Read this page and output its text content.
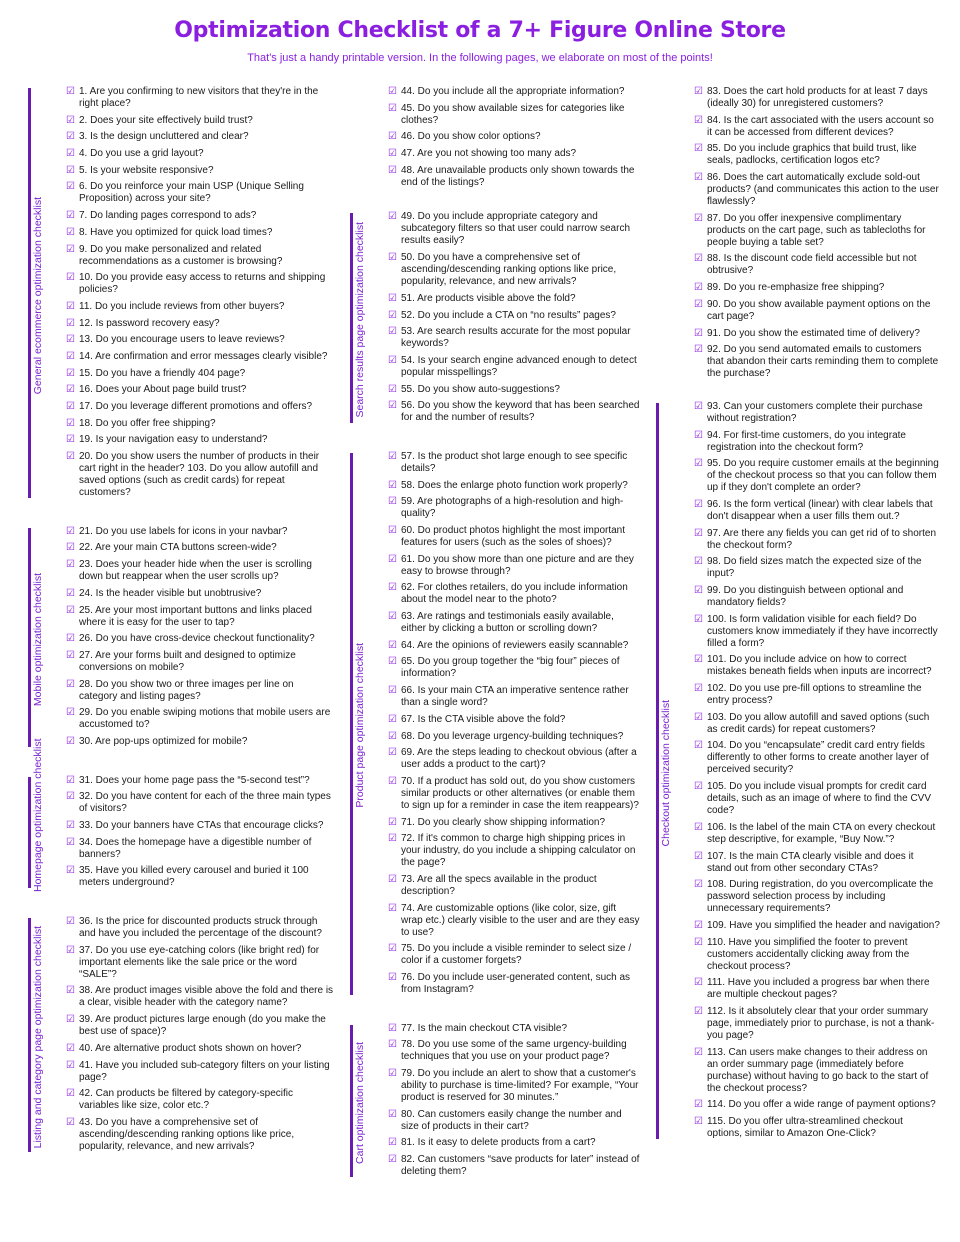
Optimization Checklist of a 7+ Figure Online Store
That's just a handy printable version. In the following pages, we elaborate on most of the points!
General ecommerce optimization checklist
☑ 1. Are you confirming to new visitors that they're in the right place?
☑ 2. Does your site effectively build trust?
☑ 3. Is the design uncluttered and clear?
☑ 4. Do you use a grid layout?
☑ 5. Is your website responsive?
☑ 6. Do you reinforce your main USP (Unique Selling Proposition) across your site?
☑ 7. Do landing pages correspond to ads?
☑ 8. Have you optimized for quick load times?
☑ 9. Do you make personalized and related recommendations as a customer is browsing?
☑ 10. Do you provide easy access to returns and shipping policies?
☑ 11. Do you include reviews from other buyers?
☑ 12. Is password recovery easy?
☑ 13. Do you encourage users to leave reviews?
☑ 14. Are confirmation and error messages clearly visible?
☑ 15. Do you have a friendly 404 page?
☑ 16. Does your About page build trust?
☑ 17. Do you leverage different promotions and offers?
☑ 18. Do you offer free shipping?
☑ 19. Is your navigation easy to understand?
☑ 20. Do you show users the number of products in their cart right in the header? 103. Do you allow autofill and saved options (such as credit cards) for repeat customers?
Mobile optimization checklist
☑ 21. Do you use labels for icons in your navbar?
☑ 22. Are your main CTA buttons screen-wide?
☑ 23. Does your header hide when the user is scrolling down but reappear when the user scrolls up?
☑ 24. Is the header visible but unobtrusive?
☑ 25. Are your most important buttons and links placed where it is easy for the user to tap?
☑ 26. Do you have cross-device checkout functionality?
☑ 27. Are your forms built and designed to optimize conversions on mobile?
☑ 28. Do you show two or three images per line on category and listing pages?
☑ 29. Do you enable swiping motions that mobile users are accustomed to?
☑ 30. Are pop-ups optimized for mobile?
Homepage optimization checklist ☑ 31. Does your home page pass the “5-second test”?
☑ 32. Do you have content for each of the three main types of visitors?
☑ 33. Do your banners have CTAs that encourage clicks?
☑ 34. Does the homepage have a digestible number of banners?
☑ 35. Have you killed every carousel and buried it 100 meters underground?
Listing and category page optimization checklist
☑ 36. Is the price for discounted products struck through and have you included the percentage of the discount?
☑ 37. Do you use eye-catching colors (like bright red) for important elements like the sale price or the word “SALE”?
☑ 38. Are product images visible above the fold and there is a clear, visible header with the category name?
☑ 39. Are product pictures large enough (do you make the best use of space)?
☑ 40. Are alternative product shots shown on hover?
☑ 41. Have you included sub-category filters on your listing page?
☑ 42. Can products be filtered by category-specific variables like size, color etc.?
☑ 43. Do you have a comprehensive set of ascending/descending ranking options like price, popularity, relevance, and new arrivals?
☑ 44. Do you include all the appropriate information?
☑ 45. Do you show available sizes for categories like clothes?
☑ 46. Do you show color options?
☑ 47. Are you not showing too many ads?
☑ 48. Are unavailable products only shown towards the end of the listings?
Search results page optimization checklist
☑ 49. Do you include appropriate category and subcategory filters so that user could narrow search results easily?
☑ 50. Do you have a comprehensive set of ascending/descending ranking options like price, popularity, relevance, and new arrivals?
☑ 51. Are products visible above the fold?
☑ 52. Do you include a CTA on “no results” pages?
☑ 53. Are search results accurate for the most popular keywords?
☑ 54. Is your search engine advanced enough to detect popular misspellings?
☑ 55. Do you show auto-suggestions?
☑ 56. Do you show the keyword that has been searched for and the number of results?
Product page optimization checklist
☑ 57. Is the product shot large enough to see specific details?
☑ 58. Does the enlarge photo function work properly?
☑ 59. Are photographs of a high-resolution and high-quality?
☑ 60. Do product photos highlight the most important features for users (such as the soles of shoes)?
☑ 61. Do you show more than one picture and are they easy to browse through?
☑ 62. For clothes retailers, do you include information about the model near to the photo?
☑ 63. Are ratings and testimonials easily available, either by clicking a button or scrolling down?
☑ 64. Are the opinions of reviewers easily scannable?
☑ 65. Do you group together the “big four” pieces of information?
☑ 66. Is your main CTA an imperative sentence rather than a single word?
☑ 67. Is the CTA visible above the fold?
☑ 68. Do you leverage urgency-building techniques?
☑ 69. Are the steps leading to checkout obvious (after a user adds a product to the cart)?
☑ 70. If a product has sold out, do you show customers similar products or other alternatives (or enable them to sign up for a reminder in case the item reappears)?
☑ 71. Do you clearly show shipping information?
☑ 72. If it's common to charge high shipping prices in your industry, do you include a shipping calculator on the page?
☑ 73. Are all the specs available in the product description?
☑ 74. Are customizable options (like color, size, gift wrap etc.) clearly visible to the user and are they easy to use?
☑ 75. Do you include a visible reminder to select size / color if a customer forgets?
☑ 76. Do you include user-generated content, such as from Instagram?
Cart optimization checklist
☑ 77. Is the main checkout CTA visible?
☑ 78. Do you use some of the same urgency-building techniques that you use on your product page?
☑ 79. Do you include an alert to show that a customer's ability to purchase is time-limited? For example, “Your product is reserved for 30 minutes.”
☑ 80. Can customers easily change the number and size of products in their cart?
☑ 81. Is it easy to delete products from a cart?
☑ 82. Can customers “save products for later” instead of deleting them?
☑ 83. Does the cart hold products for at least 7 days (ideally 30) for unregistered customers?
☑ 84. Is the cart associated with the users account so it can be accessed from different devices?
☑ 85. Do you include graphics that build trust, like seals, padlocks, certification logos etc?
☑ 86. Does the cart automatically exclude sold-out products? (and communicates this action to the user flawlessly?
☑ 87. Do you offer inexpensive complimentary products on the cart page, such as tablecloths for people buying a table set?
☑ 88. Is the discount code field accessible but not obtrusive?
☑ 89. Do you re-emphasize free shipping?
☑ 90. Do you show available payment options on the cart page?
☑ 91. Do you show the estimated time of delivery?
☑ 92. Do you send automated emails to customers that abandon their carts reminding them to complete the purchase?
Checkout optimization checklist
☑ 93. Can your customers complete their purchase without registration?
☑ 94. For first-time customers, do you integrate registration into the checkout form?
☑ 95. Do you require customer emails at the beginning of the checkout process so that you can follow them up if they don't complete an order?
☑ 96. Is the form vertical (linear) with clear labels that don't disappear when a user fills them out.?
☑ 97. Are there any fields you can get rid of to shorten the checkout form?
☑ 98. Do field sizes match the expected size of the input?
☑ 99. Do you distinguish between optional and mandatory fields?
☑ 100. Is form validation visible for each field? Do customers know immediately if they have incorrectly filled a form?
☑ 101. Do you include advice on how to correct mistakes beneath fields when inputs are incorrect?
☑ 102. Do you use pre-fill options to streamline the entry process?
☑ 103. Do you allow autofill and saved options (such as credit cards) for repeat customers?
☑ 104. Do you “encapsulate” credit card entry fields differently to other forms to create another layer of perceived security?
☑ 105. Do you include visual prompts for credit card details, such as an image of where to find the CVV code?
☑ 106. Is the label of the main CTA on every checkout step descriptive, for example, “Buy Now.”?
☑ 107. Is the main CTA clearly visible and does it stand out from other secondary CTAs?
☑ 108. During registration, do you overcomplicate the password selection process by including unnecessary requirements?
☑ 109. Have you simplified the header and navigation?
☑ 110. Have you simplified the footer to prevent customers accidentally clicking away from the checkout process?
☑ 111. Have you included a progress bar when there are multiple checkout pages?
☑ 112. Is it absolutely clear that your order summary page, immediately prior to purchase, is not a thank-you page?
☑ 113. Can users make changes to their address on an order summary page (immediately before purchase) without having to go back to the start of the checkout process?
☑ 114. Do you offer a wide range of payment options?
☑ 115. Do you offer ultra-streamlined checkout options, similar to Amazon One-Click?
